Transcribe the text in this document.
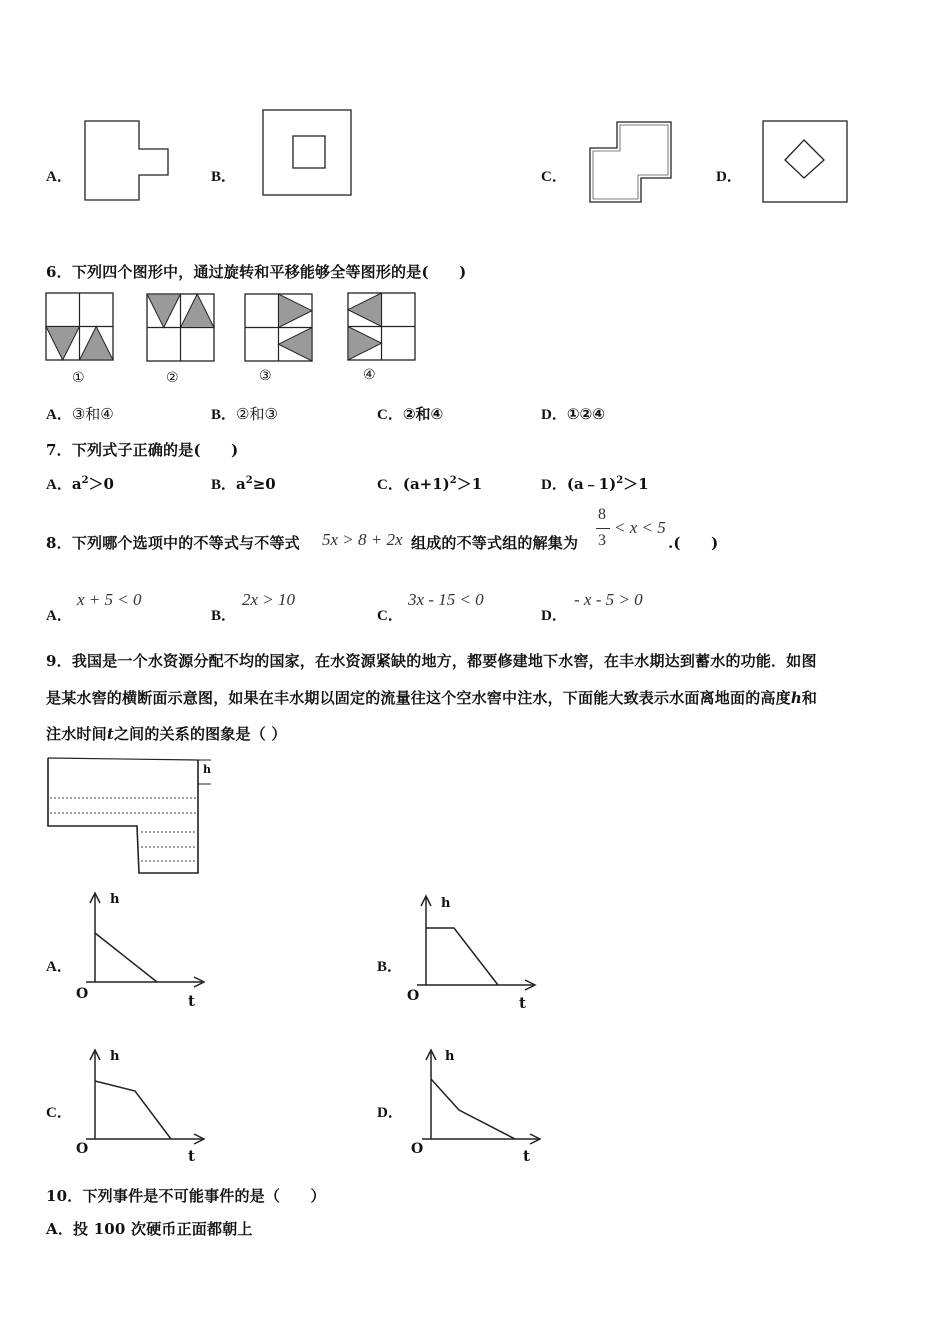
A．	B．	C．	D．
6．下列四个图形中，通过旋转和平移能够全等图形的是(　　)
①	②	③	④
A．③和④	B．②和③	C．②和④	D．①②④
7．下列式子正确的是(　　)
A．$a^2>0$	B．$a^2\ge 0$	C．$(a+1)^2>1$	D．(a﹣1)$^2$＞1
8．下列哪个选项中的不等式与不等式 5x > 8 + 2x 组成的不等式组的解集为
8
3
< x < 5
.(　　)
A．
x + 5 < 0
B．
2x > 10
C．
3x - 15 < 0
D．
- x - 5 > 0
9．我国是一个水资源分配不均的国家，在水资源紧缺的地方，都要修建地下水窖，在丰水期达到蓄水的功能．如图
是某水窖的横断面示意图，如果在丰水期以固定的流量往这个空水窖中注水，下面能大致表示水面离地面的高度h和
注水时间t之间的关系的图象是（ ）
h
A．
h
O	t
B．
h
O	t
C．
h
O	t
D．
h
O	t
10．下列事件是不可能事件的是（　　）
A．投 100 次硬币正面都朝上
